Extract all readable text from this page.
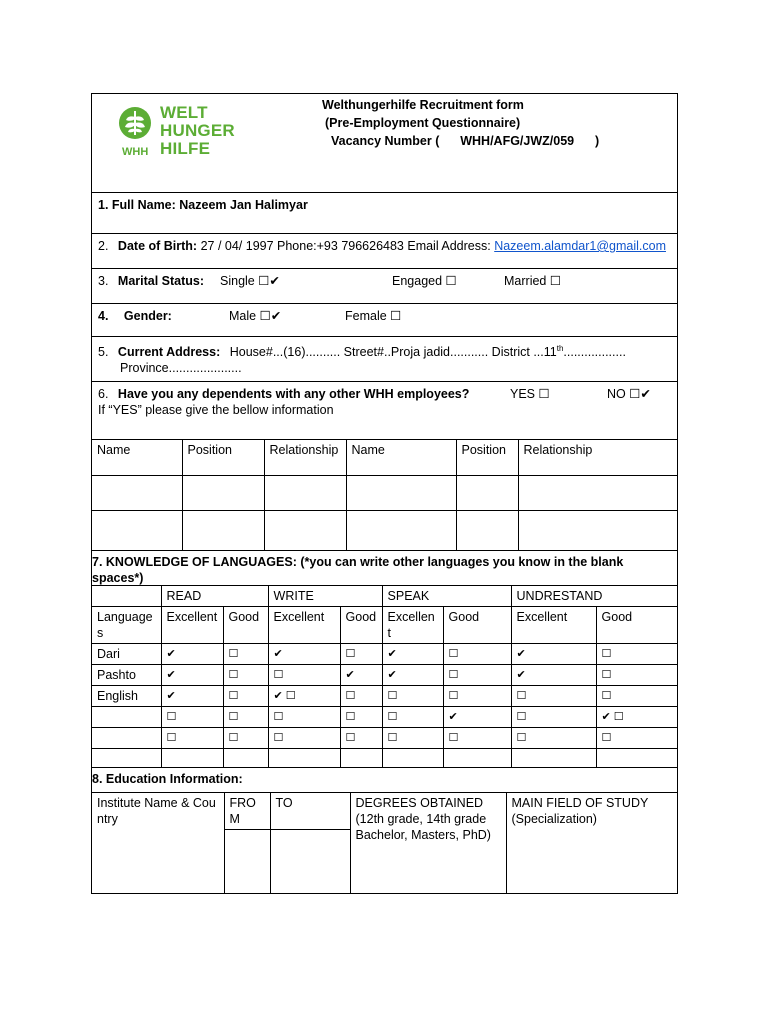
WELT
HUNGER
HILFE
WHH
Welthungerhilfe Recruitment form
(Pre-Employment Questionnaire)
Vacancy Number (      WHH/AFG/JWZ/059      )
1. Full Name: Nazeem Jan Halimyar
2. Date of Birth: 27 / 04/ 1997 Phone:+93 796626483 Email Address: Nazeem.alamdar1@gmail.com
3. Marital Status: Single ☐✔	Engaged ☐	Married ☐
4. Gender:	Male ☐✔	Female ☐
5. Current Address: House#...(16).......... Street#..Proja jadid........... District ...11th..................
Province.....................
6. Have you any dependents with any other WHH employees?	YES ☐	NO ☐✔
If “YES” please give the bellow information
Name	Position	Relationship	Name	Position	Relationship

7. KNOWLEDGE OF LANGUAGES: (*you can write other languages you know in the blank spaces*)
	READ		WRITE		SPEAK		UNDRESTAND	
Languages	Excellent	Good	Excellent	Good	Excellent	Good	Excellent	Good
Dari	✔	☐	✔	☐	✔	☐	✔	☐
Pashto	✔	☐	☐	✔	✔	☐	✔	☐
English	✔	☐	✔ ☐	☐	☐	☐	☐	☐
	☐	☐	☐	☐	☐	✔	☐	✔ ☐
	☐	☐	☐	☐	☐	☐	☐	☐

8. Education Information:
Institute Name & Country	FROM	TO	DEGREES OBTAINED (12th grade, 14th grade Bachelor, Masters, PhD)	MAIN FIELD OF STUDY (Specialization)
